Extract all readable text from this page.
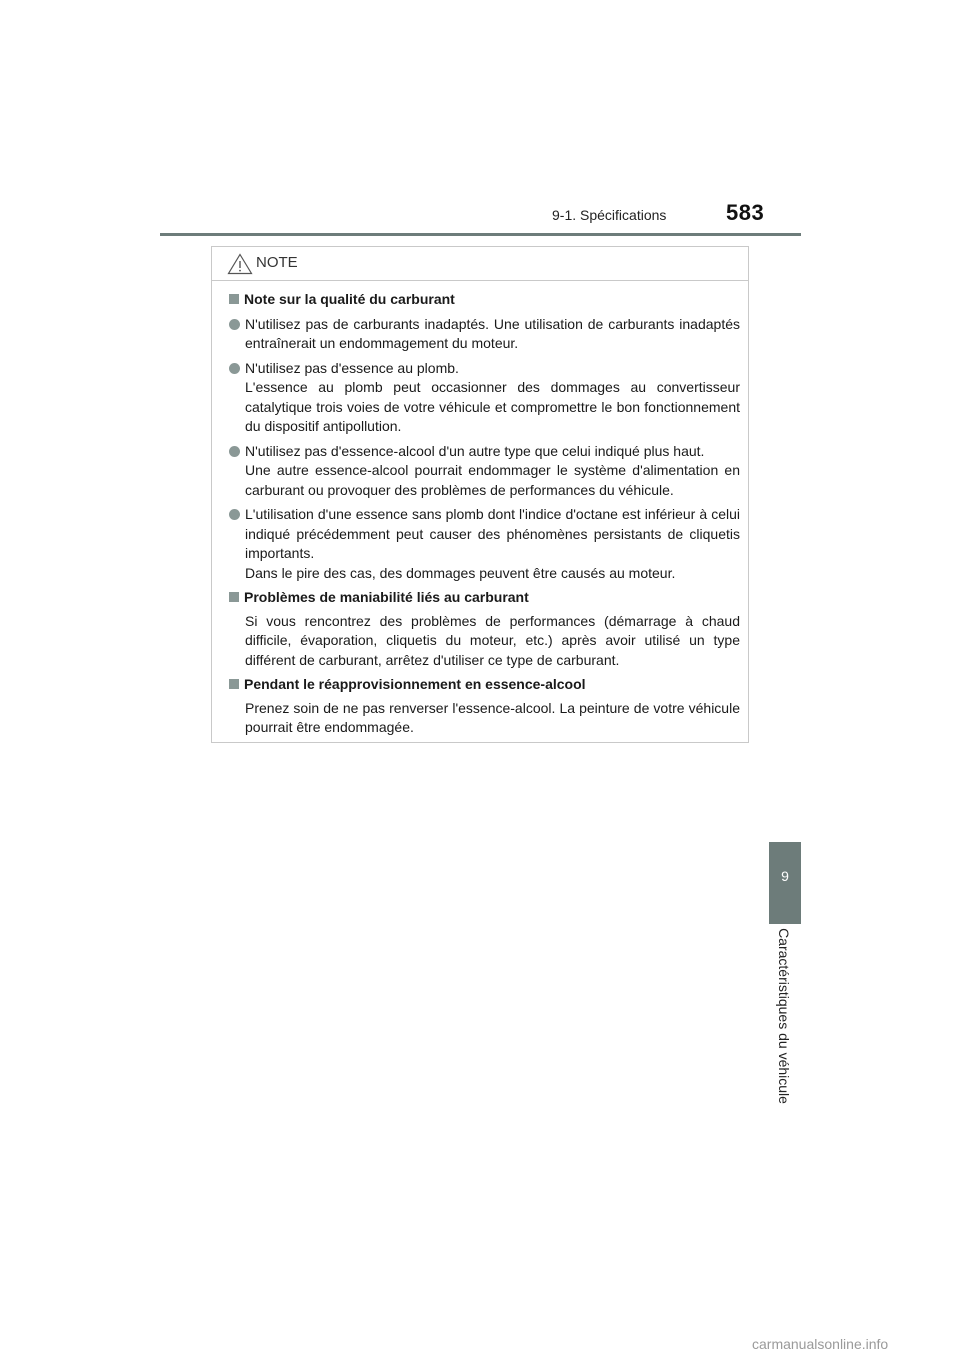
9-1. Spécifications	583
9
Caractéristiques du véhicule
NOTE
Note sur la qualité du carburant

N'utilisez pas de carburants inadaptés. Une utilisation de carburants inadaptés entraînerait un endommagement du moteur.

N'utilisez pas d'essence au plomb.

L'essence au plomb peut occasionner des dommages au convertisseur catalytique trois voies de votre véhicule et compromettre le bon fonctionnement du dispositif antipollution.

N'utilisez pas d'essence-alcool d'un autre type que celui indiqué plus haut.

Une autre essence-alcool pourrait endommager le système d'alimentation en carburant ou provoquer des problèmes de performances du véhicule.

L'utilisation d'une essence sans plomb dont l'indice d'octane est inférieur à celui indiqué précédemment peut causer des phénomènes persistants de cliquetis importants.

Dans le pire des cas, des dommages peuvent être causés au moteur.

Problèmes de maniabilité liés au carburant

Si vous rencontrez des problèmes de performances (démarrage à chaud difficile, évaporation, cliquetis du moteur, etc.) après avoir utilisé un type différent de carburant, arrêtez d'utiliser ce type de carburant.

Pendant le réapprovisionnement en essence-alcool

Prenez soin de ne pas renverser l'essence-alcool. La peinture de votre véhicule pourrait être endommagée.

carmanualsonline.info
